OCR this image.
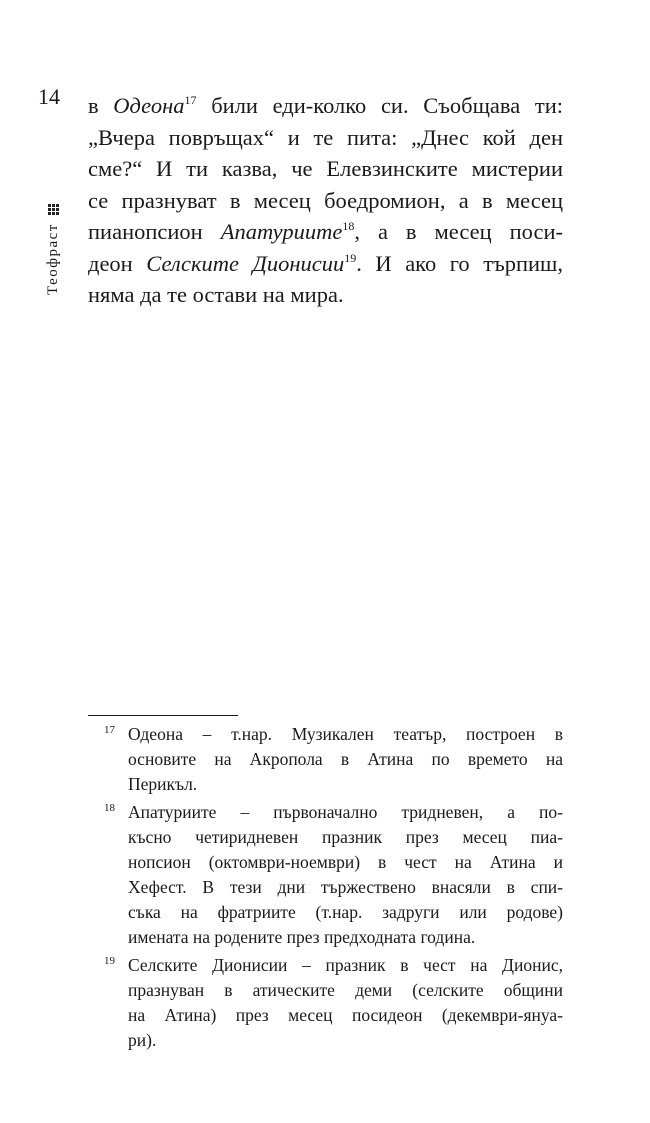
14
Теофраст
в Одеона$^{17}$ били еди-колко си. Съобщава ти:
„Вчера повръщах“ и те пита: „Днес кой ден
сме?“ И ти казва, че Елевзинските мистерии
се празнуват в месец боедромион, а в месец
пианопсион Апатуриите$^{18}$, а в месец поси-
деон Селските Дионисии$^{19}$. И ако го търпиш,
няма да те остави на мира.
17 Одеона – т.нар. Музикален театър, построен в
основите на Акропола в Атина по времето на
Перикъл.
18 Апатуриите – първоначално тридневен, а по-
късно четиридневен празник през месец пиа-
нопсион (октомври-ноември) в чест на Атина и
Хефест. В тези дни тържествено внасяли в спи-
съка на фратриите (т.нар. задруги или родове)
имената на родените през предходната година.
19 Селските Дионисии – празник в чест на Дионис,
празнуван в атическите деми (селските общини
на Атина) през месец посидеон (декември-януа-
ри).
